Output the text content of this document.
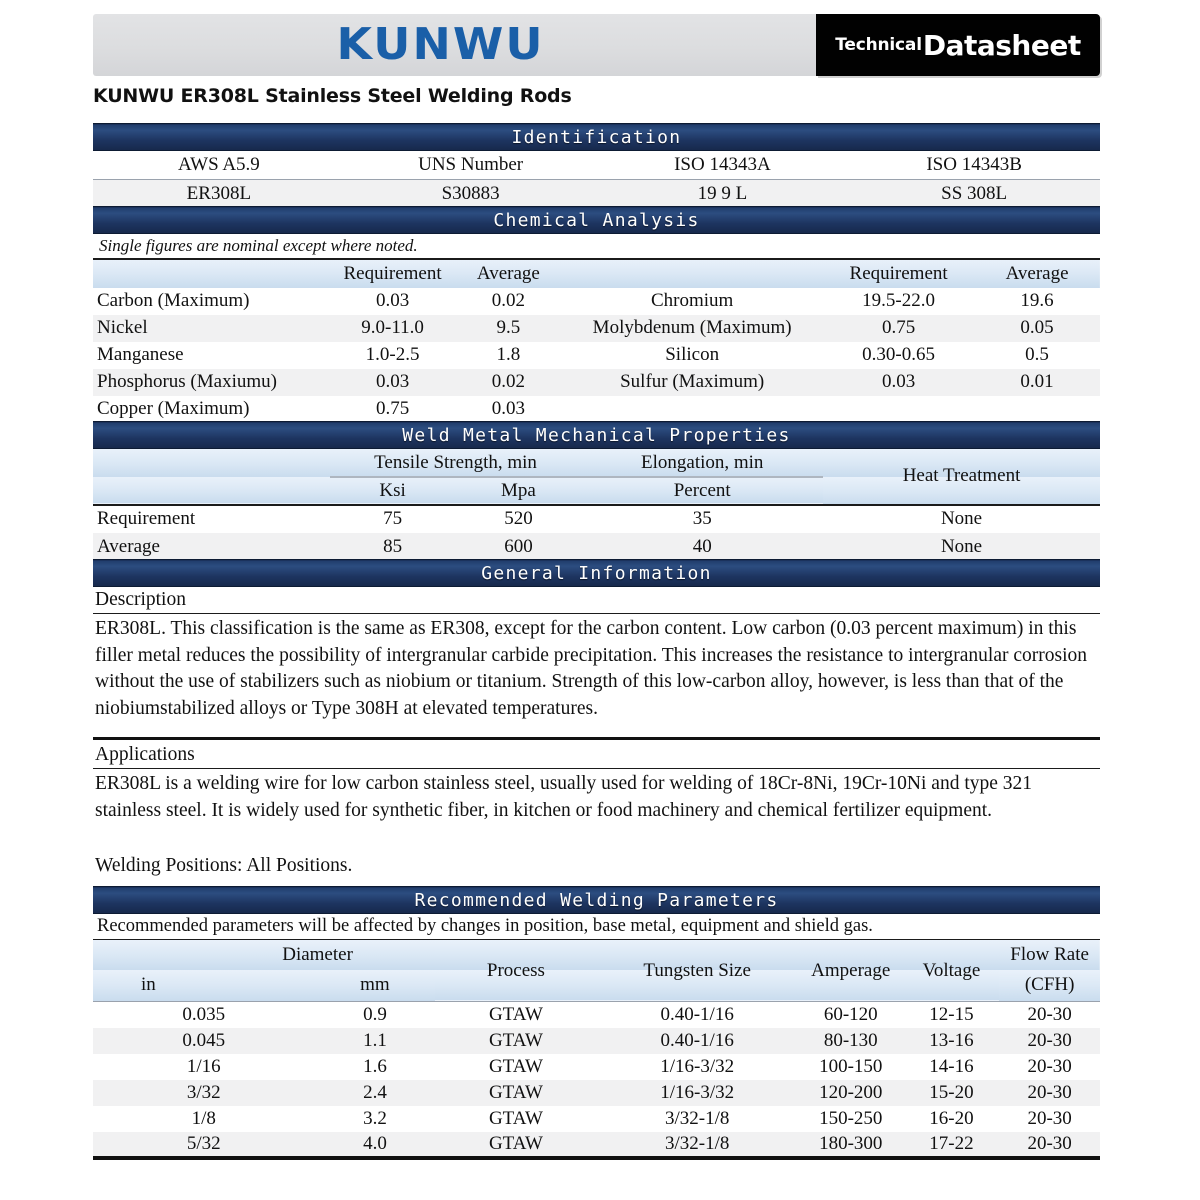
KUNWU	Technical Datasheet
KUNWU ER308L Stainless Steel Welding Rods
Identification			
AWS A5.9	UNS Number	ISO 14343A	ISO 14343B
ER308L	S30883	19 9 L	SS 308L
Chemical Analysis					
Single figures are nominal except where noted.					
	Requirement	Average		Requirement	Average
Carbon (Maximum)	0.03	0.02	Chromium	19.5-22.0	19.6
Nickel	9.0-11.0	9.5	Molybdenum (Maximum)	0.75	0.05
Manganese	1.0-2.5	1.8	Silicon	0.30-0.65	0.5
Phosphorus (Maxiumu)	0.03	0.02	Sulfur (Maximum)	0.03	0.01
Copper (Maximum)	0.75	0.03			
Weld Metal Mechanical Properties				
	Tensile Strength, min		Elongation, min	Heat Treatment
	Ksi	Mpa	Percent	
Requirement	75	520	35	None
Average	85	600	40	None
General Information
Description
ER308L. This classification is the same as ER308, except for the carbon content. Low carbon (0.03 percent maximum) in this filler metal reduces the possibility of intergranular carbide precipitation. This increases the resistance to intergranular corrosion without the use of stabilizers such as niobium or titanium. Strength of this low-carbon alloy, however, is less than that of the niobiumstabilized alloys or Type 308H at elevated temperatures.
Applications
ER308L is a welding wire for low carbon stainless steel, usually used for welding of 18Cr-8Ni, 19Cr-10Ni and type 321 stainless steel. It is widely used for synthetic fiber, in kitchen or food machinery and chemical fertilizer equipment.
Welding Positions: All Positions.
Recommended Welding Parameters							
Recommended parameters will be affected by changes in position, base metal, equipment and shield gas.							
	Diameter		Process	Tungsten Size	Amperage	Voltage	Flow Rate
in		mm					(CFH)
0.035		0.9	GTAW	0.40-1/16	60-120	12-15	20-30
0.045		1.1	GTAW	0.40-1/16	80-130	13-16	20-30
1/16		1.6	GTAW	1/16-3/32	100-150	14-16	20-30
3/32		2.4	GTAW	1/16-3/32	120-200	15-20	20-30
1/8		3.2	GTAW	3/32-1/8	150-250	16-20	20-30
5/32		4.0	GTAW	3/32-1/8	180-300	17-22	20-30
